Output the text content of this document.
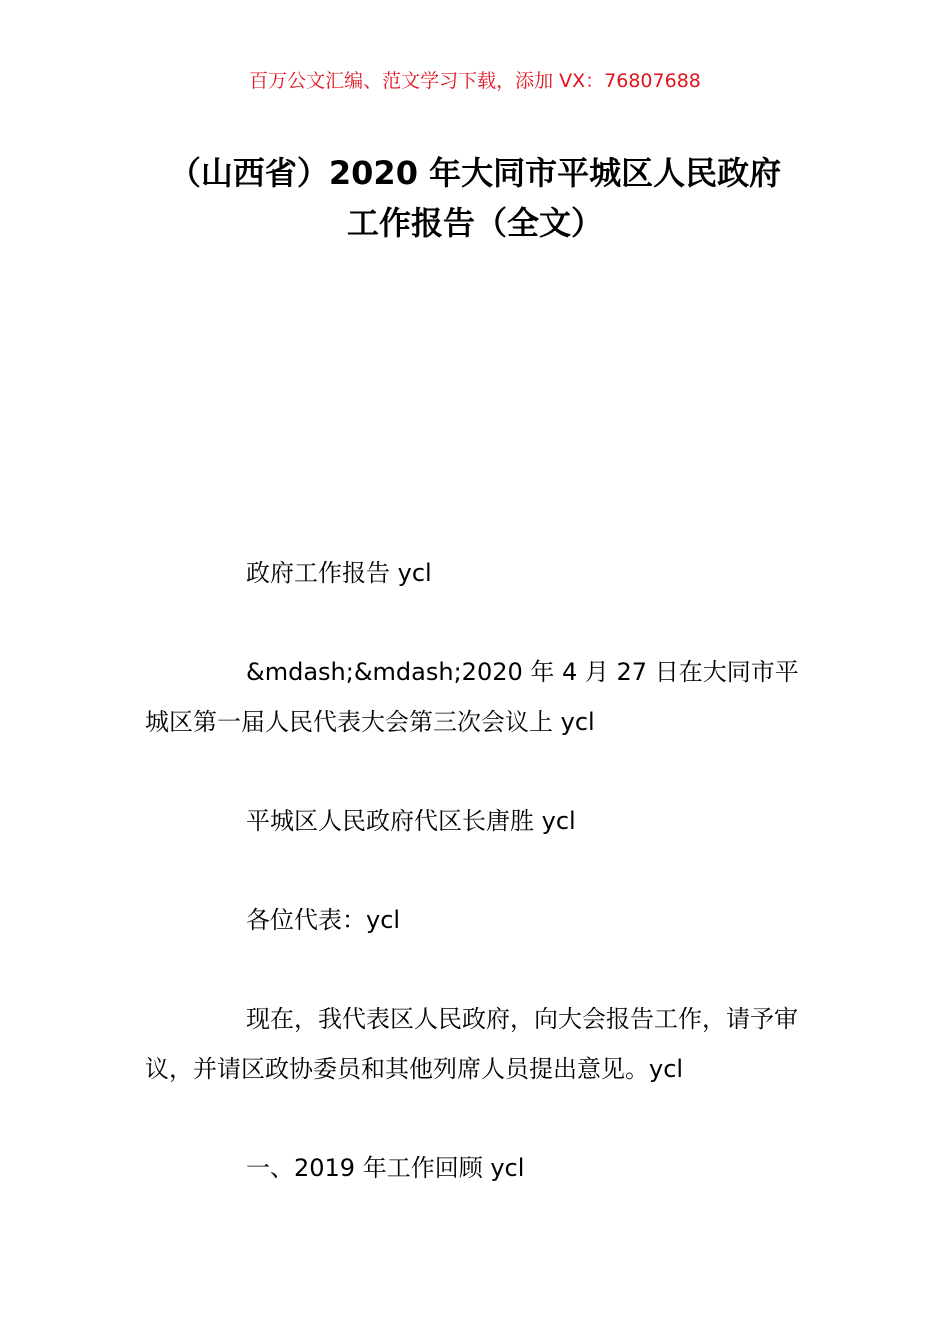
百万公文汇编、范文学习下载，添加 VX：76807688
（山西省）2020 年大同市平城区人民政府
工作报告（全文）

政府工作报告 ycl

&mdash;&mdash;2020 年 4 月 27 日在大同市平城区第一届人民代表大会第三次会议上 ycl

平城区人民政府代区长唐胜 ycl

各位代表：ycl

现在，我代表区人民政府，向大会报告工作，请予审议，并请区政协委员和其他列席人员提出意见。ycl

一、2019 年工作回顾 ycl
